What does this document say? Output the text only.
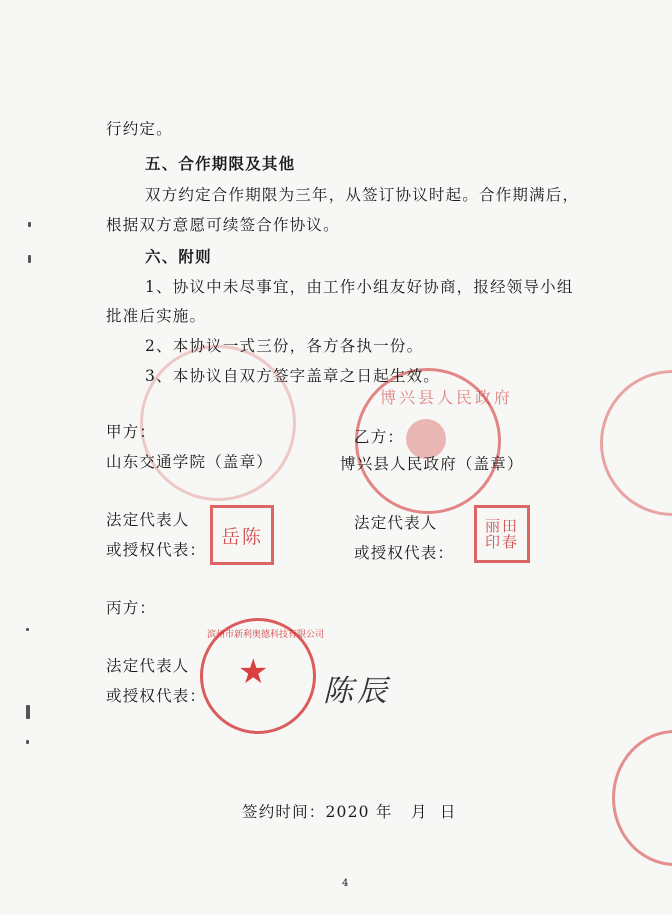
博兴县人民政府
行约定。
五、合作期限及其他
双方约定合作期限为三年，从签订协议时起。合作期满后，
根据双方意愿可续签合作协议。
六、附则
1、协议中未尽事宜，由工作小组友好协商，报经领导小组
批准后实施。
2、本协议一式三份，各方各执一份。
3、本协议自双方签字盖章之日起生效。
甲方：
山东交通学院（盖章）
乙方：
博兴县人民政府（盖章）
法定代表人
或授权代表：
岳陈
法定代表人
或授权代表：
丽田印春
丙方：
法定代表人
或授权代表：
滨州市新利奥德科技有限公司
★ 陈辰
签约时间：2020 年   月  日
4
